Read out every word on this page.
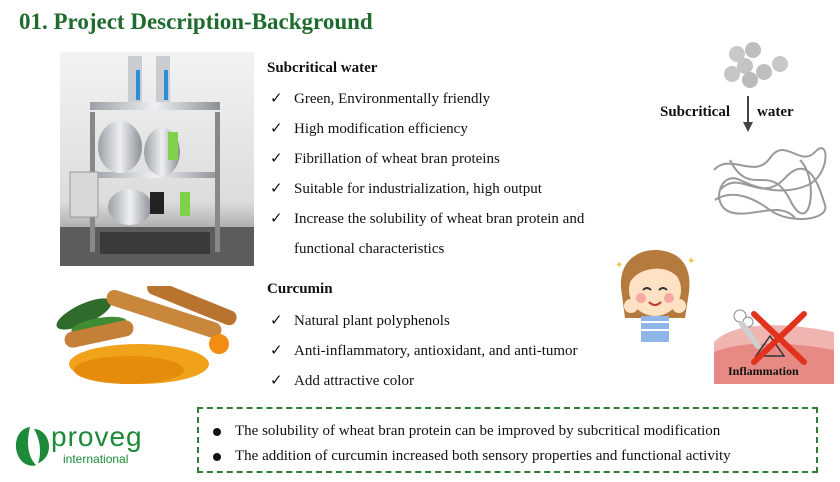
01. Project Description-Background
Subcritical water
✓ Green, Environmentally friendly
✓ High modification efficiency
✓ Fibrillation of wheat bran proteins
✓ Suitable for industrialization, high output
✓ Increase the solubility of wheat bran protein and
functional characteristics
Curcumin
✓ Natural plant polyphenols
✓ Anti-inflammatory, antioxidant, and anti-tumor
✓ Add attractive color
Subcritical water
✦	✦
Inflammation
The solubility of wheat bran protein can be improved by subcritical modification
The addition of curcumin increased both sensory properties and functional activity
proveg
international
